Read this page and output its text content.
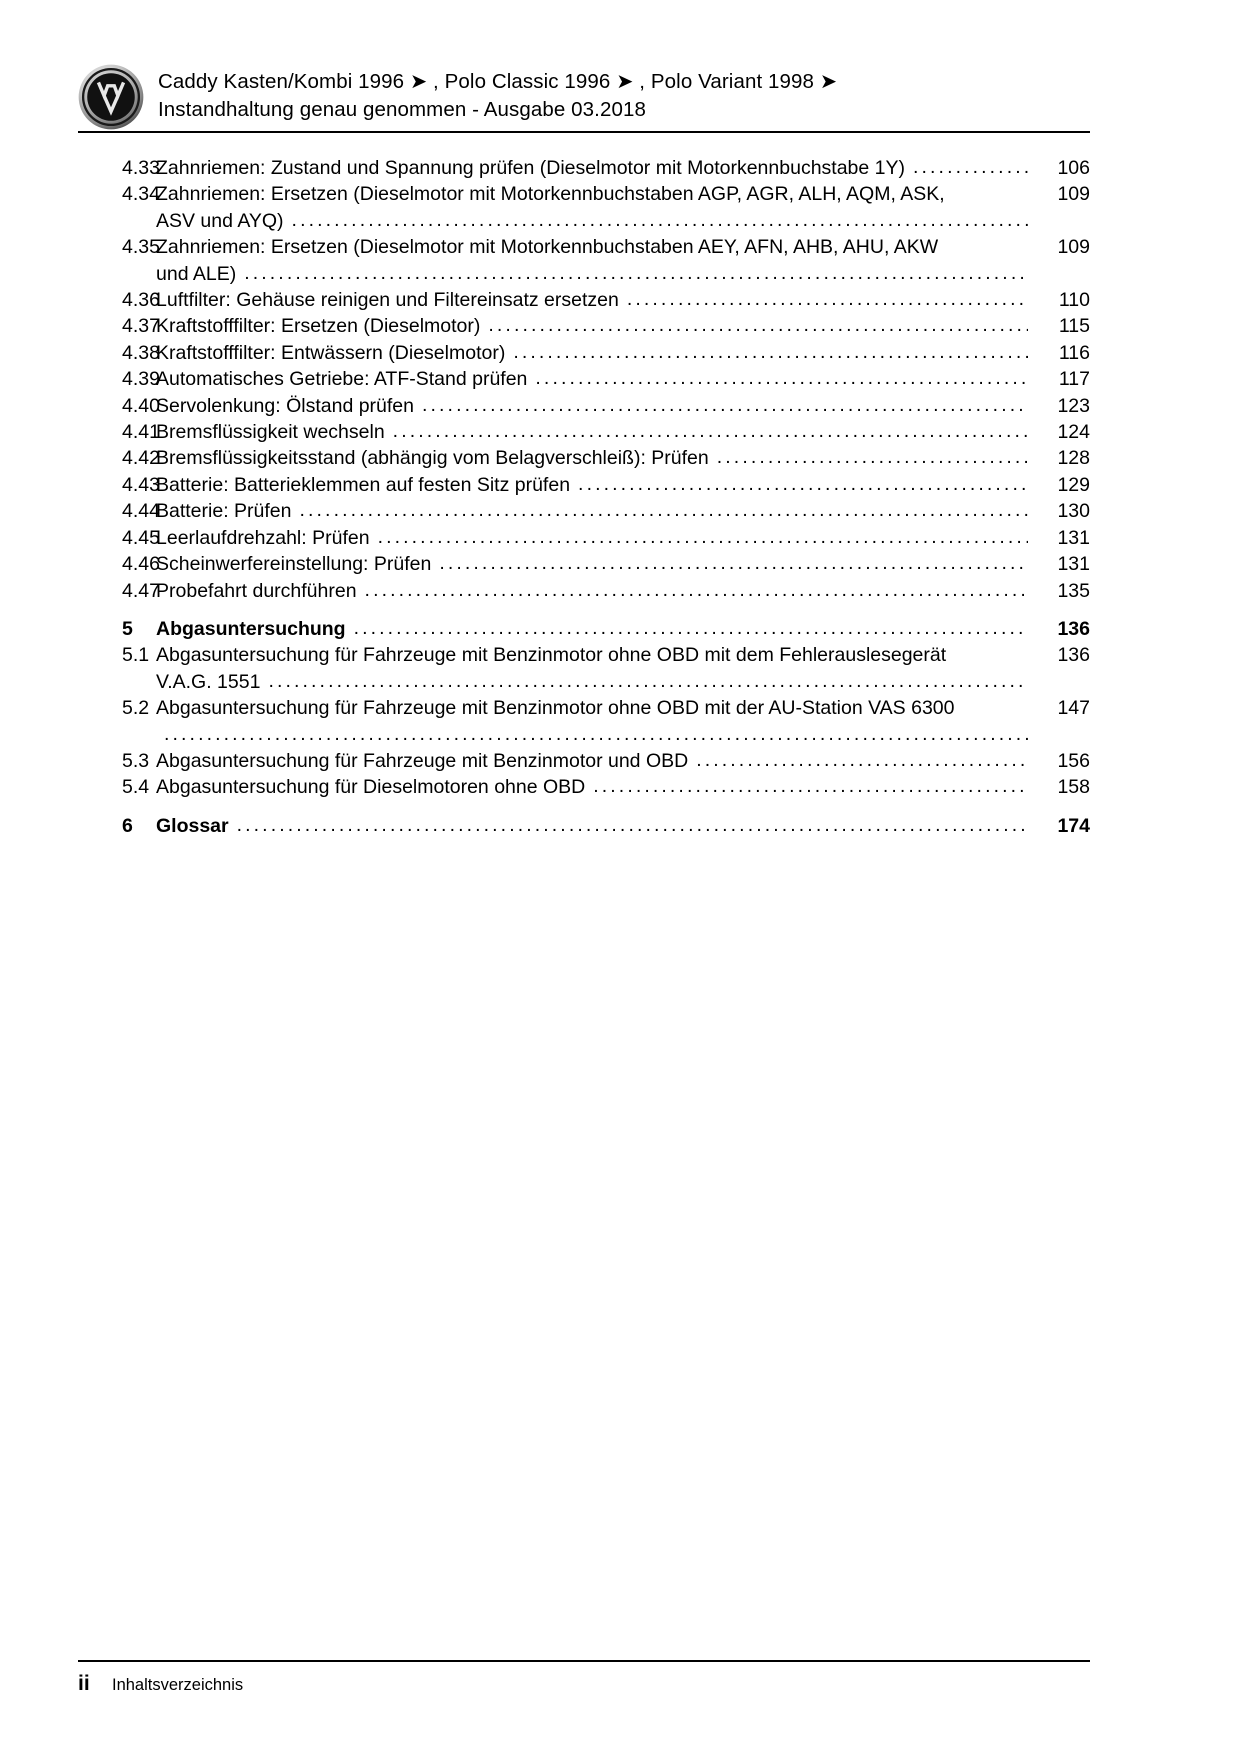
Caddy Kasten/Kombi 1996 ➤ , Polo Classic 1996 ➤ , Polo Variant 1998 ➤
Instandhaltung genau genommen - Ausgabe 03.2018
4.33
Zahnriemen: Zustand und Spannung prüfen (Dieselmotor mit Motorkennbuchstabe 1Y) .....	106
4.34
Zahnriemen: Ersetzen (Dieselmotor mit Motorkennbuchstaben AGP, AGR, ALH, AQM, ASK,
ASV und AYQ)
.....
109
4.35
Zahnriemen: Ersetzen (Dieselmotor mit Motorkennbuchstaben AEY, AFN, AHB, AHU, AKW
und ALE)
.....
109
4.36
Luftfilter: Gehäuse reinigen und Filtereinsatz ersetzen .....	110
4.37
Kraftstofffilter: Ersetzen (Dieselmotor) .....	115
4.38
Kraftstofffilter: Entwässern (Dieselmotor) .....	116
4.39
Automatisches Getriebe: ATF-Stand prüfen .....	117
4.40
Servolenkung: Ölstand prüfen .....	123
4.41
Bremsflüssigkeit wechseln .....	124
4.42
Bremsflüssigkeitsstand (abhängig vom Belagverschleiß): Prüfen .....	128
4.43
Batterie: Batterieklemmen auf festen Sitz prüfen .....	129
4.44
Batterie: Prüfen .....	130
4.45
Leerlaufdrehzahl: Prüfen .....	131
4.46
Scheinwerfereinstellung: Prüfen .....	131
4.47
Probefahrt durchführen .....	135
5	Abgasuntersuchung .....	136
5.1 Abgasuntersuchung für Fahrzeuge mit Benzinmotor ohne OBD mit dem Fehlerauslesegerät
V.A.G. 1551
.....
136
5.2 Abgasuntersuchung für Fahrzeuge mit Benzinmotor ohne OBD mit der AU-Station VAS 6300
.....	147
5.3 Abgasuntersuchung für Fahrzeuge mit Benzinmotor und OBD .....	156
5.4 Abgasuntersuchung für Dieselmotoren ohne OBD .....	158
6	Glossar .....	174
ii	Inhaltsverzeichnis
